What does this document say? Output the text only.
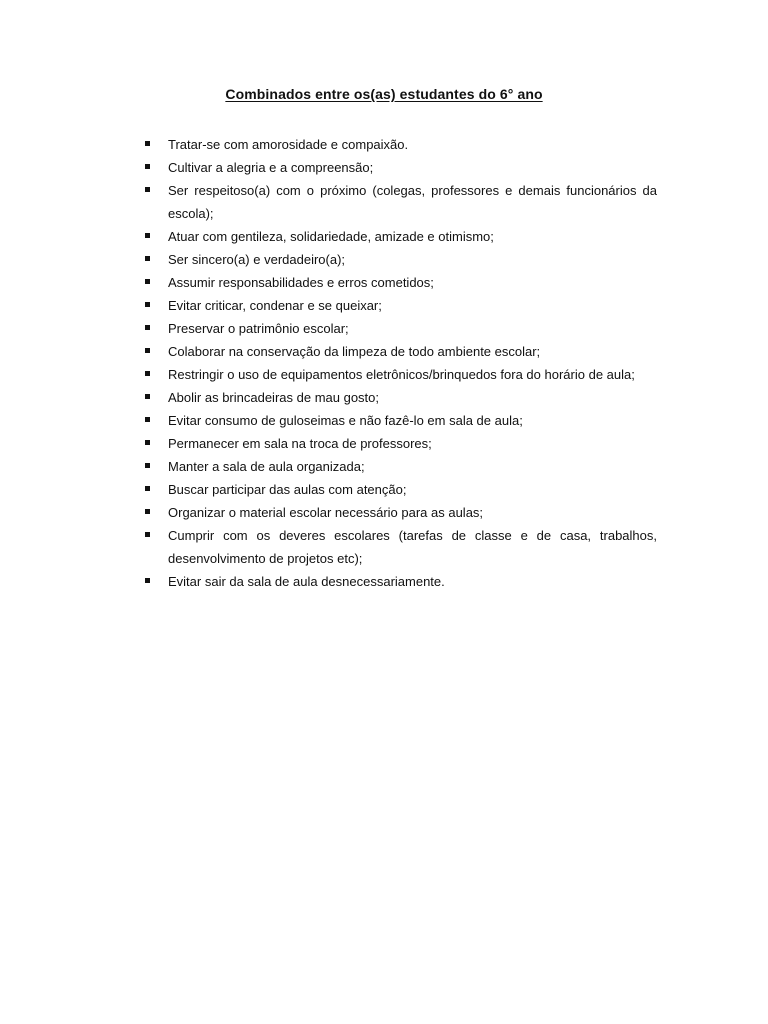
Combinados entre os(as) estudantes do 6° ano
Tratar-se com amorosidade e compaixão.
Cultivar a alegria e a compreensão;
Ser respeitoso(a) com o próximo (colegas, professores e demais funcionários da escola);
Atuar com gentileza, solidariedade, amizade e otimismo;
Ser sincero(a) e verdadeiro(a);
Assumir responsabilidades e erros cometidos;
Evitar criticar, condenar e se queixar;
Preservar o patrimônio escolar;
Colaborar na conservação da limpeza de todo ambiente escolar;
Restringir o uso de equipamentos eletrônicos/brinquedos fora do horário de aula;
Abolir as brincadeiras de mau gosto;
Evitar consumo de guloseimas e não fazê-lo em sala de aula;
Permanecer em sala na troca de professores;
Manter a sala de aula organizada;
Buscar participar das aulas com atenção;
Organizar o material escolar necessário para as aulas;
Cumprir com os deveres escolares (tarefas de classe e de casa, trabalhos, desenvolvimento de projetos etc);
Evitar sair da sala de aula desnecessariamente.
